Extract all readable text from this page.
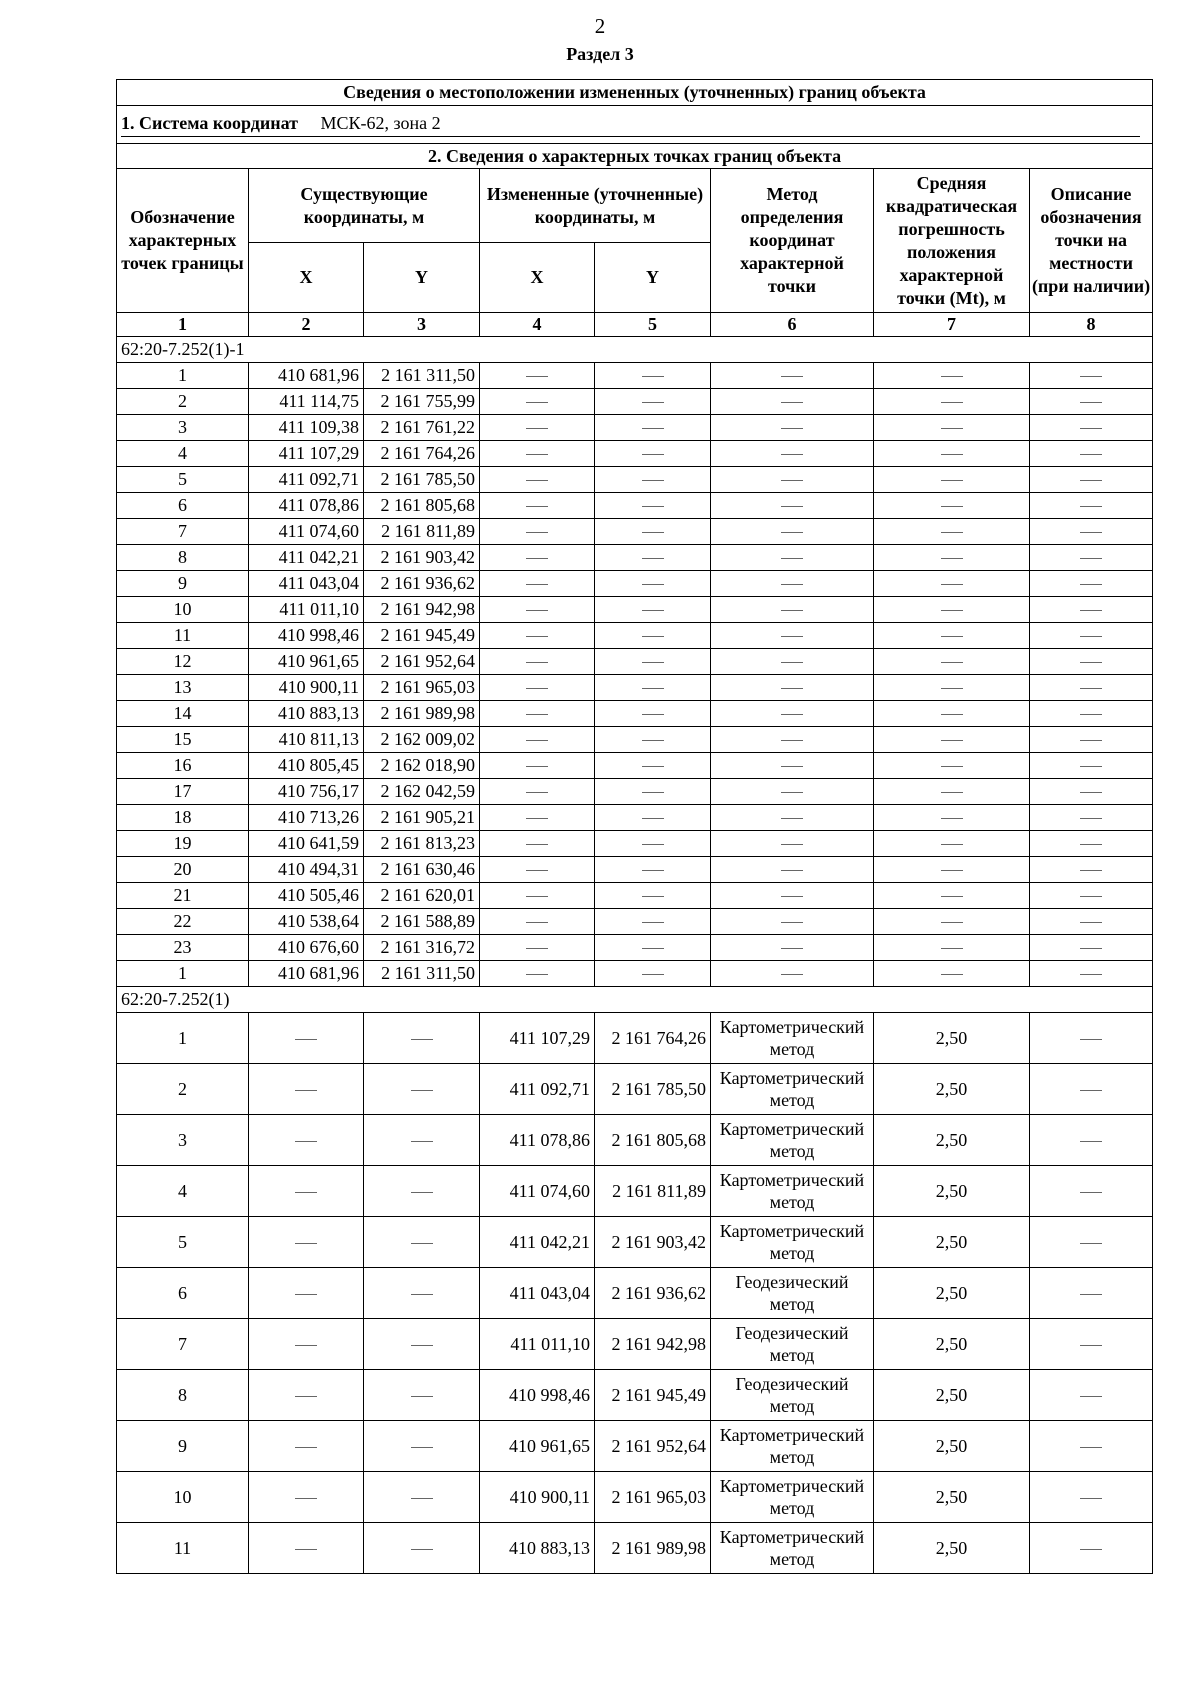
2
Раздел 3
Сведения о местоположении измененных (уточненных) границ объекта							

1. Система координат МСК-62, зона 2							

2. Сведения о характерных точках границ объекта							
Обозначение характерных точек границы	Существующие координаты, м		Измененные (уточненные) координаты, м		Метод определения координат характерной точки	Средняя квадратическая погрешность положения характерной точки (Mt), м	Описание обозначения точки на местности (при наличии)
	X	Y	X	Y			
1	2	3	4	5	6	7	8
62:20-7.252(1)-1							
1	410 681,96	2 161 311,50					
2	411 114,75	2 161 755,99					
3	411 109,38	2 161 761,22					
4	411 107,29	2 161 764,26					
5	411 092,71	2 161 785,50					
6	411 078,86	2 161 805,68					
7	411 074,60	2 161 811,89					
8	411 042,21	2 161 903,42					
9	411 043,04	2 161 936,62					
10	411 011,10	2 161 942,98					
11	410 998,46	2 161 945,49					
12	410 961,65	2 161 952,64					
13	410 900,11	2 161 965,03					
14	410 883,13	2 161 989,98					
15	410 811,13	2 162 009,02					
16	410 805,45	2 162 018,90					
17	410 756,17	2 162 042,59					
18	410 713,26	2 161 905,21					
19	410 641,59	2 161 813,23					
20	410 494,31	2 161 630,46					
21	410 505,46	2 161 620,01					
22	410 538,64	2 161 588,89					
23	410 676,60	2 161 316,72					
1	410 681,96	2 161 311,50					
62:20-7.252(1)							
1			411 107,29	2 161 764,26	Картометрический метод	2,50	
2			411 092,71	2 161 785,50	Картометрический метод	2,50	
3			411 078,86	2 161 805,68	Картометрический метод	2,50	
4			411 074,60	2 161 811,89	Картометрический метод	2,50	
5			411 042,21	2 161 903,42	Картометрический метод	2,50	
6			411 043,04	2 161 936,62	Геодезический метод	2,50	
7			411 011,10	2 161 942,98	Геодезический метод	2,50	
8			410 998,46	2 161 945,49	Геодезический метод	2,50	
9			410 961,65	2 161 952,64	Картометрический метод	2,50	
10			410 900,11	2 161 965,03	Картометрический метод	2,50	
11			410 883,13	2 161 989,98	Картометрический метод	2,50	
